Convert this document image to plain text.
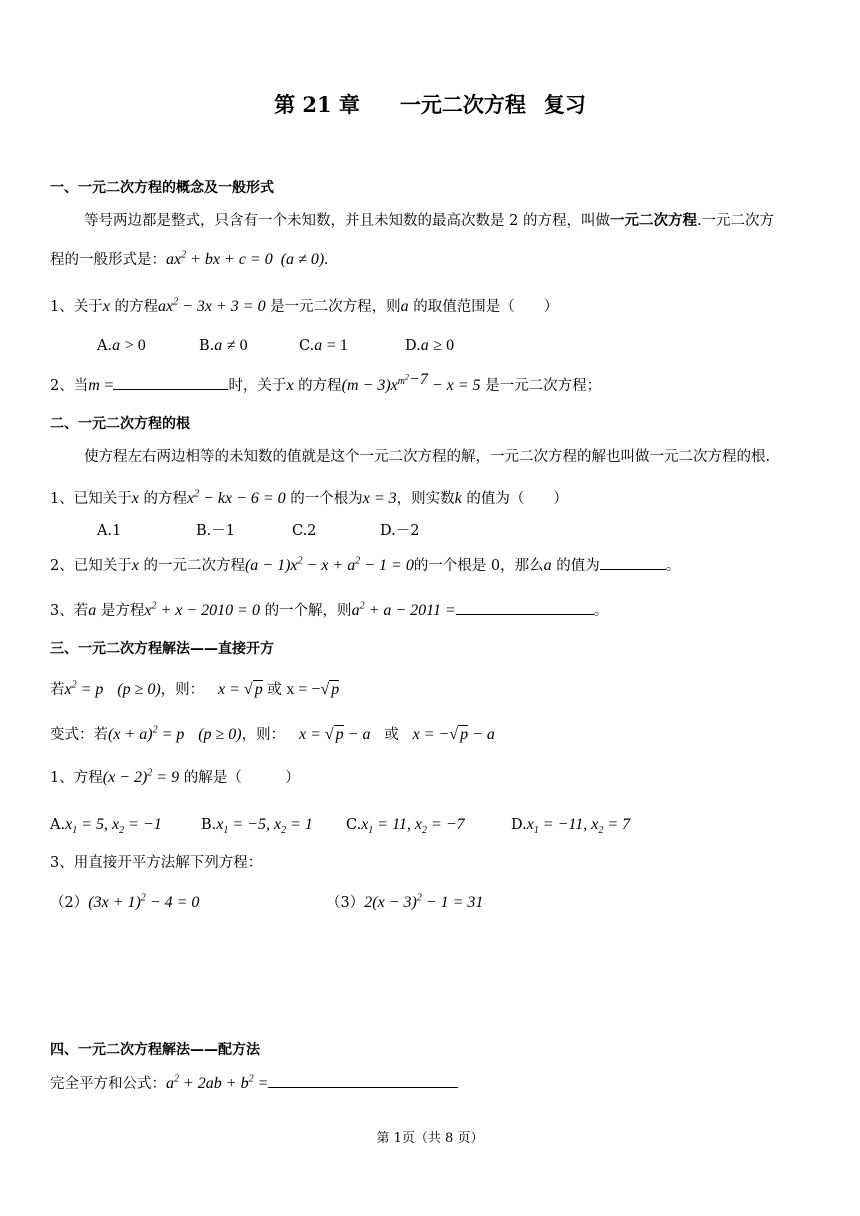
第 21 章 一元二次方程 复习
一、一元二次方程的概念及一般形式
等号两边都是整式，只含有一个未知数，并且未知数的最高次数是 2 的方程，叫做一元二次方程.一元二次方
程的一般形式是：$ax^2$ + bx + c = 0 (a ≠ 0).
1、关于x 的方程$ax^2 - 3x + 3 = 0$ 是一元二次方程，则a 的取值范围是（　　）
A.a > 0	B.a ≠ 0	C.a = 1	D.a ≥ 0
2、当m =	时，关于x 的方程$(m - 3)x^{m^2-7} - x = 5$ 是一元二次方程；
二、一元二次方程的根
使方程左右两边相等的未知数的值就是这个一元二次方程的解，一元二次方程的解也叫做一元二次方程的根.
1、已知关于x 的方程$x^2$ − kx − 6 = 0 的一个根为x = 3，则实数k 的值为（　　）
A.1	B.－1	C.2	D.－2
2、已知关于x 的一元二次方程$(a - 1)x^2 - x + a^2 - 1 = 0$的一个根是 0，那么a 的值为	。
3、若a 是方程$x^2 + x - 2010 = 0$ 的一个解，则$a^2 + a - 2011$ =	。
三、一元二次方程解法——直接开方
若$x^2 = p$ (p ≥ 0)，则： x = √ p 或 x = −√ p
变式：若$(x + a)^2 = p$ (p ≥ 0)，则： x = √ p − a 或 x = −√ p − a
1、方程$(x - 2)^2 = 9$ 的解是（　　　）
$A.x_1 = 5$, $x_2 = -1$	$B.x_1 = -5$, $x_2 = 1$ $C.x_1 = 11$, $x_2 = -7$	$D.x_1 = -11$, $x_2 = 7$
3、用直接开平方法解下列方程：
$(2)(3x + 1)^2 - 4 = 0$	$(3)2(x - 3)^2 - 1 = 31$
四、一元二次方程解法——配方法
完全平方和公式：$a^2 + 2ab + b^2$ =
第 1页（共 8 页）
